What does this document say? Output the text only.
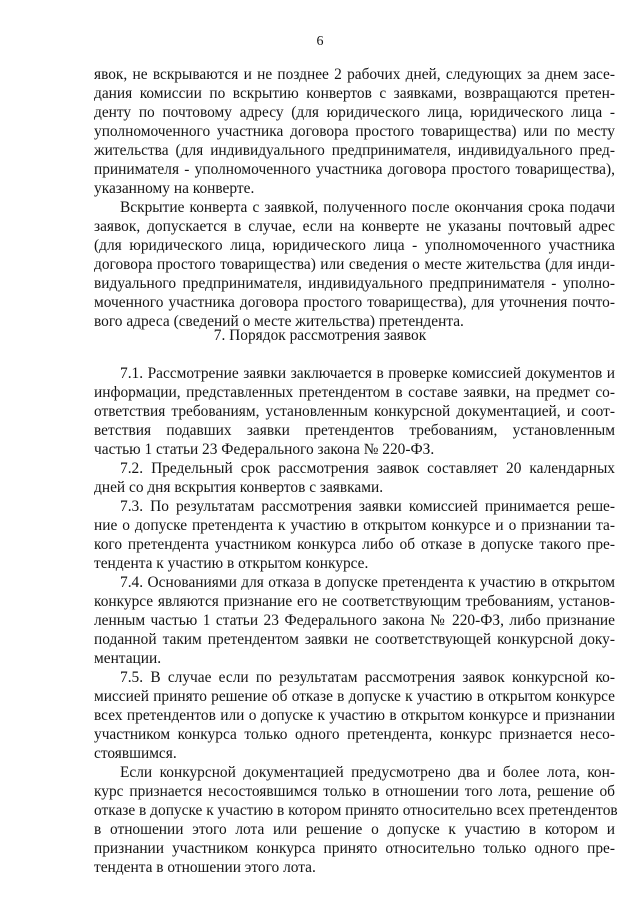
6
явок, не вскрываются и не позднее 2 рабочих дней, следующих за днем засе-
дания комиссии по вскрытию конвертов с заявками, возвращаются претен-
денту по почтовому адресу (для юридического лица, юридического лица -
уполномоченного участника договора простого товарищества) или по месту
жительства (для индивидуального предпринимателя, индивидуального пред-
принимателя - уполномоченного участника договора простого товарищества),
указанному на конверте.
Вскрытие конверта с заявкой, полученного после окончания срока подачи
заявок, допускается в случае, если на конверте не указаны почтовый адрес
(для юридического лица, юридического лица - уполномоченного участника
договора простого товарищества) или сведения о месте жительства (для инди-
видуального предпринимателя, индивидуального предпринимателя - уполно-
моченного участника договора простого товарищества), для уточнения почто-
вого адреса (сведений о месте жительства) претендента.
7. Порядок рассмотрения заявок
7.1. Рассмотрение заявки заключается в проверке комиссией документов и
информации, представленных претендентом в составе заявки, на предмет со-
ответствия требованиям, установленным конкурсной документацией, и соот-
ветствия подавших заявки претендентов требованиям, установленным
частью 1 статьи 23 Федерального закона № 220-ФЗ.
7.2. Предельный срок рассмотрения заявок составляет 20 календарных
дней со дня вскрытия конвертов с заявками.
7.3. По результатам рассмотрения заявки комиссией принимается реше-
ние о допуске претендента к участию в открытом конкурсе и о признании та-
кого претендента участником конкурса либо об отказе в допуске такого пре-
тендента к участию в открытом конкурсе.
7.4. Основаниями для отказа в допуске претендента к участию в открытом
конкурсе являются признание его не соответствующим требованиям, установ-
ленным частью 1 статьи 23 Федерального закона № 220-ФЗ, либо признание
поданной таким претендентом заявки не соответствующей конкурсной доку-
ментации.
7.5. В случае если по результатам рассмотрения заявок конкурсной ко-
миссией принято решение об отказе в допуске к участию в открытом конкурсе
всех претендентов или о допуске к участию в открытом конкурсе и признании
участником конкурса только одного претендента, конкурс признается несо-
стоявшимся.
Если конкурсной документацией предусмотрено два и более лота, кон-
курс признается несостоявшимся только в отношении того лота, решение об
отказе в допуске к участию в котором принято относительно всех претендентов
в отношении этого лота или решение о допуске к участию в котором и
признании участником конкурса принято относительно только одного пре-
тендента в отношении этого лота.
